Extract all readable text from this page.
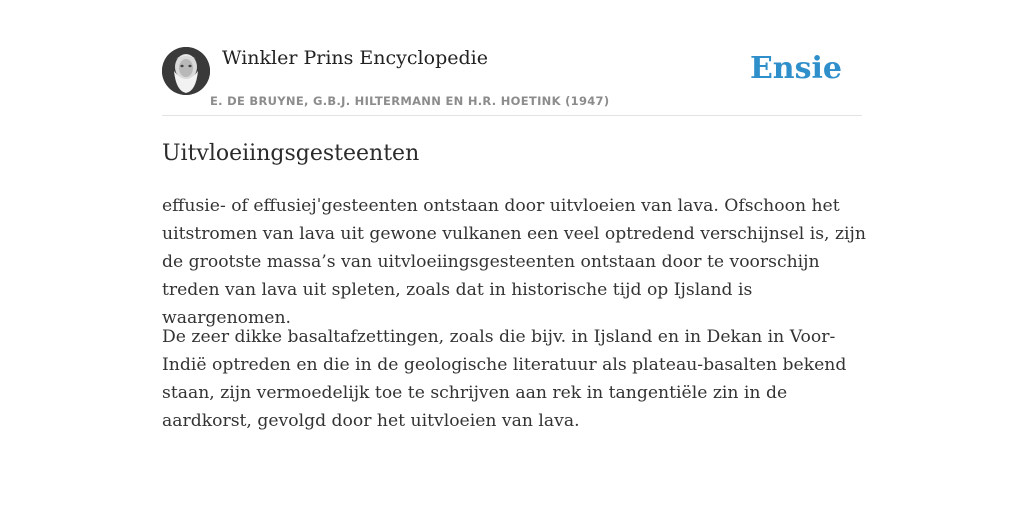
Winkler Prins Encyclopedie
E. DE BRUYNE, G.B.J. HILTERMANN EN H.R. HOETINK (1947)
Ensie
Uitvloeiingsgesteenten

effusie- of effusiejˈgesteenten ontstaan door uitvloeien van lava. Ofschoon het uitstromen van lava uit gewone vulkanen een veel optredend verschijnsel is, zijn de grootste massa’s van uitvloeiingsgesteenten ontstaan door te voorschijn treden van lava uit spleten, zoals dat in historische tijd op Ijsland is waargenomen.

De zeer dikke basaltafzettingen, zoals die bijv. in Ijsland en in Dekan in Voor-Indië optreden en die in de geologische literatuur als plateau-basalten bekend staan, zijn vermoedelijk toe te schrijven aan rek in tangentiële zin in de aardkorst, gevolgd door het uitvloeien van lava.
